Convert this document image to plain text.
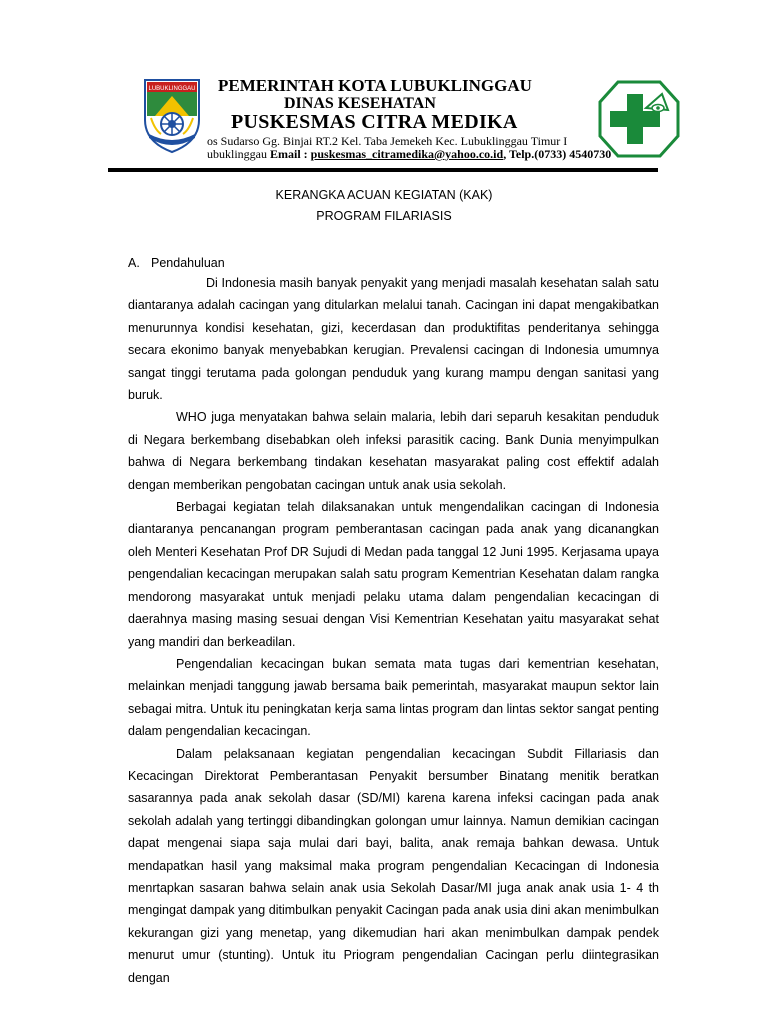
LUBUKLINGGAU PEMERINTAH KOTA LUBUKLINGGAU
DINAS KESEHATAN
PUSKESMAS CITRA MEDIKA
os Sudarso Gg. Binjai RT.2 Kel. Taba Jemekeh Kec. Lubuklinggau Timur I
ubuklinggau Email : puskesmas_citramedika@yahoo.co.id, Telp.(0733) 4540730
KERANGKA ACUAN KEGIATAN (KAK)
PROGRAM FILARIASIS
A. Pendahuluan

Di Indonesia masih banyak penyakit yang menjadi masalah kesehatan salah satu diantaranya adalah cacingan yang ditularkan melalui tanah. Cacingan ini dapat mengakibatkan menurunnya kondisi kesehatan, gizi, kecerdasan dan produktifitas penderitanya sehingga secara ekonimo banyak menyebabkan kerugian. Prevalensi cacingan di Indonesia umumnya sangat tinggi terutama pada golongan penduduk yang kurang mampu dengan sanitasi yang buruk.

WHO juga menyatakan bahwa selain malaria, lebih dari separuh kesakitan penduduk di Negara berkembang disebabkan oleh infeksi parasitik cacing. Bank Dunia menyimpulkan bahwa di Negara berkembang tindakan kesehatan masyarakat paling cost effektif adalah dengan memberikan pengobatan cacingan untuk anak usia sekolah.

Berbagai kegiatan telah dilaksanakan untuk mengendalikan cacingan di Indonesia diantaranya pencanangan program pemberantasan cacingan pada anak yang dicanangkan oleh Menteri Kesehatan Prof DR Sujudi di Medan pada tanggal 12 Juni 1995. Kerjasama upaya pengendalian kecacingan merupakan salah satu program Kementrian Kesehatan dalam rangka mendorong masyarakat untuk menjadi pelaku utama dalam pengendalian kecacingan di daerahnya masing masing sesuai dengan Visi Kementrian Kesehatan yaitu masyarakat sehat yang mandiri dan berkeadilan.

Pengendalian kecacingan bukan semata mata tugas dari kementrian kesehatan, melainkan menjadi tanggung jawab bersama baik pemerintah, masyarakat maupun sektor lain sebagai mitra. Untuk itu peningkatan kerja sama lintas program dan lintas sektor sangat penting dalam pengendalian kecacingan.

Dalam pelaksanaan kegiatan pengendalian kecacingan Subdit Fillariasis dan Kecacingan Direktorat Pemberantasan Penyakit bersumber Binatang menitik beratkan sasarannya pada anak sekolah dasar (SD/MI) karena karena infeksi cacingan pada anak sekolah adalah yang tertinggi dibandingkan golongan umur lainnya. Namun demikian cacingan dapat mengenai siapa saja mulai dari bayi, balita, anak remaja bahkan dewasa. Untuk mendapatkan hasil yang maksimal maka program pengendalian Kecacingan di Indonesia menrtapkan sasaran bahwa selain anak usia Sekolah Dasar/MI juga anak anak usia 1- 4 th mengingat dampak yang ditimbulkan penyakit Cacingan pada anak usia dini akan menimbulkan kekurangan gizi yang menetap, yang dikemudian hari akan menimbulkan dampak pendek menurut umur (stunting). Untuk itu Priogram pengendalian Cacingan perlu diintegrasikan dengan
